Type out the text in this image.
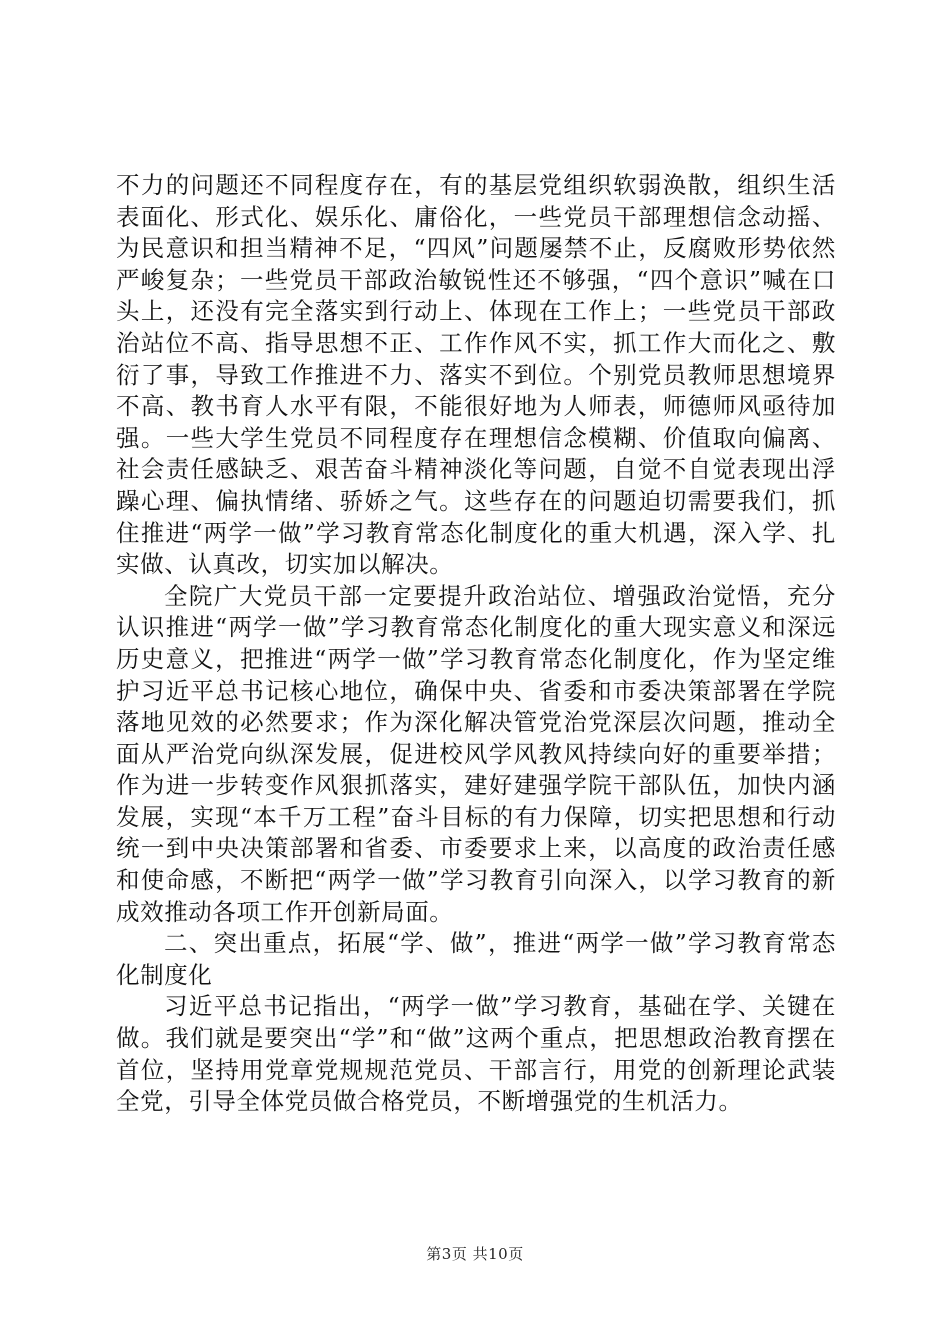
不力的问题还不同程度存在，有的基层党组织软弱涣散，组织生活表面化、形式化、娱乐化、庸俗化，一些党员干部理想信念动摇、为民意识和担当精神不足，“四风”问题屡禁不止，反腐败形势依然严峻复杂；一些党员干部政治敏锐性还不够强，“四个意识”喊在口头上，还没有完全落实到行动上、体现在工作上；一些党员干部政治站位不高、指导思想不正、工作作风不实，抓工作大而化之、敷衍了事，导致工作推进不力、落实不到位。个别党员教师思想境界不高、教书育人水平有限，不能很好地为人师表，师德师风亟待加强。一些大学生党员不同程度存在理想信念模糊、价值取向偏离、社会责任感缺乏、艰苦奋斗精神淡化等问题，自觉不自觉表现出浮躁心理、偏执情绪、骄娇之气。这些存在的问题迫切需要我们，抓住推进“两学一做”学习教育常态化制度化的重大机遇，深入学、扎实做、认真改，切实加以解决。

全院广大党员干部一定要提升政治站位、增强政治觉悟，充分认识推进“两学一做”学习教育常态化制度化的重大现实意义和深远历史意义，把推进“两学一做”学习教育常态化制度化，作为坚定维护习近平总书记核心地位，确保中央、省委和市委决策部署在学院落地见效的必然要求；作为深化解决管党治党深层次问题，推动全面从严治党向纵深发展，促进校风学风教风持续向好的重要举措；作为进一步转变作风狠抓落实，建好建强学院干部队伍，加快内涵发展，实现“本千万工程”奋斗目标的有力保障，切实把思想和行动统一到中央决策部署和省委、市委要求上来，以高度的政治责任感和使命感，不断把“两学一做”学习教育引向深入，以学习教育的新成效推动各项工作开创新局面。

二、突出重点，拓展“学、做”，推进“两学一做”学习教育常态化制度化

习近平总书记指出，“两学一做”学习教育，基础在学、关键在做。我们就是要突出“学”和“做”这两个重点，把思想政治教育摆在首位，坚持用党章党规规范党员、干部言行，用党的创新理论武装全党，引导全体党员做合格党员，不断增强党的生机活力。

第3页 共10页
